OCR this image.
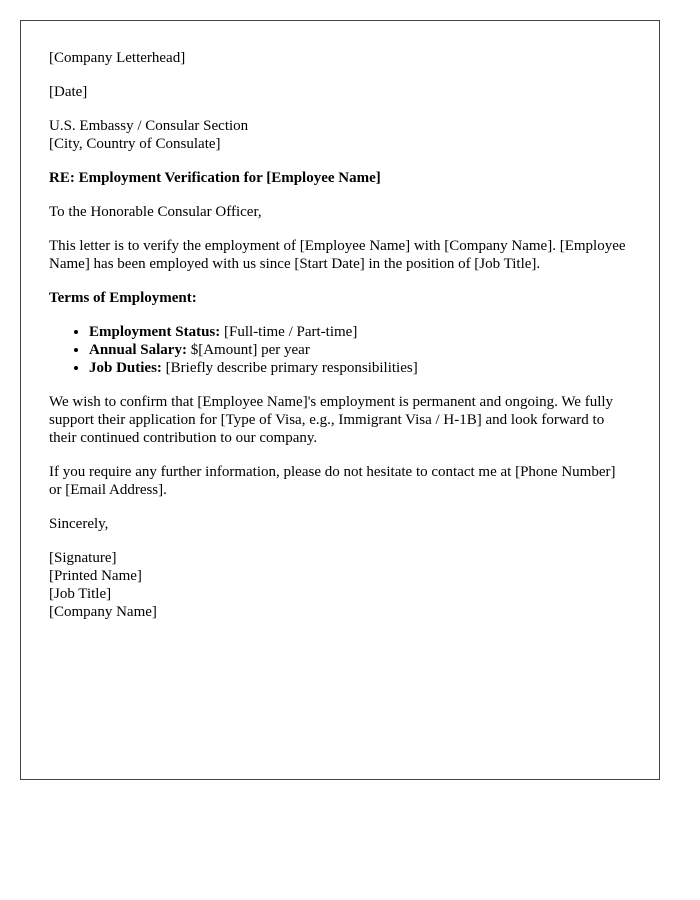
[Company Letterhead]

[Date]

U.S. Embassy / Consular Section

[City, Country of Consulate]

RE: Employment Verification for [Employee Name]

To the Honorable Consular Officer,

This letter is to verify the employment of [Employee Name] with [Company Name]. [Employee Name] has been employed with us since [Start Date] in the position of [Job Title].

Terms of Employment:

• Employment Status: [Full-time / Part-time]
• Annual Salary: $[Amount] per year
• Job Duties: [Briefly describe primary responsibilities]

We wish to confirm that [Employee Name]'s employment is permanent and ongoing. We fully support their application for [Type of Visa, e.g., Immigrant Visa / H-1B] and look forward to their continued contribution to our company.

If you require any further information, please do not hesitate to contact me at [Phone Number] or [Email Address].

Sincerely,

[Signature]

[Printed Name]

[Job Title]

[Company Name]
